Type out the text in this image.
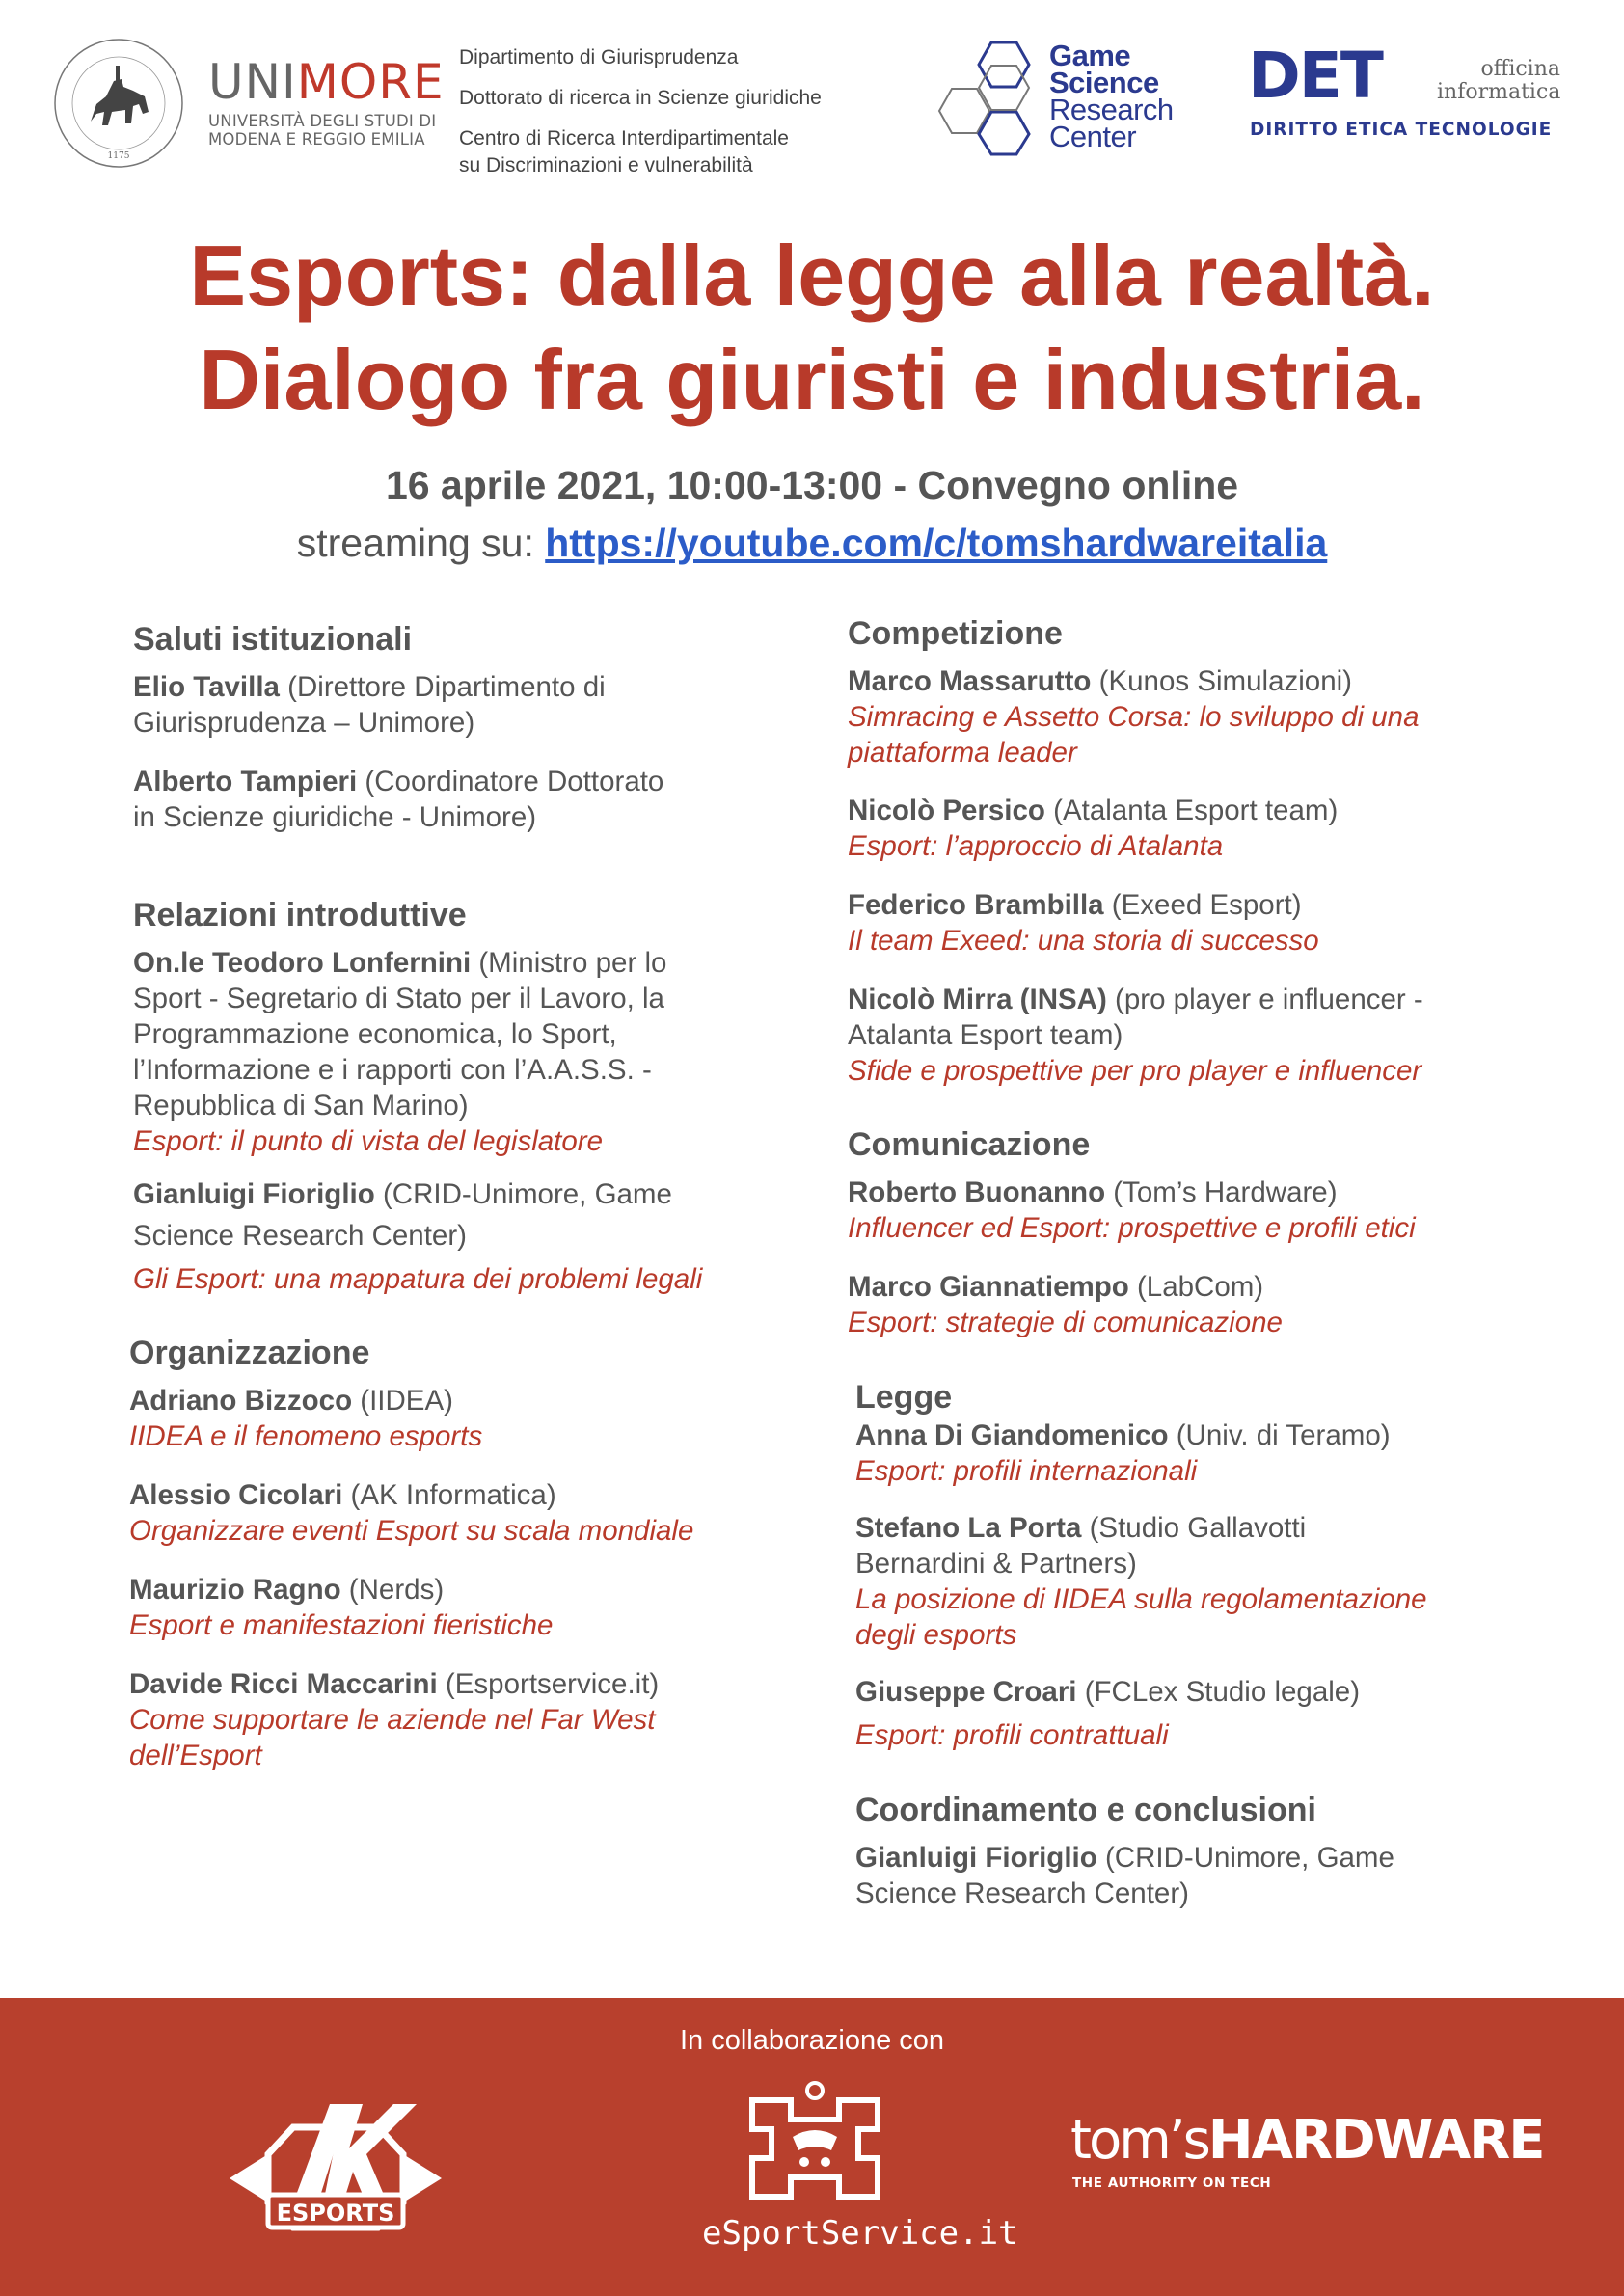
1175
UNIMORE
UNIVERSITÀ DEGLI STUDI DI
MODENA E REGGIO EMILIA
Dipartimento di Giurisprudenza
Dottorato di ricerca in Scienze giuridiche
Centro di Ricerca Interdipartimentale
su Discriminazioni e vulnerabilità
Game
Science
Research
Center
DET	officina
informatica
DIRITTO ETICA TECNOLOGIE
Esports: dalla legge alla realtà.
Dialogo fra giuristi e industria.
16 aprile 2021, 10:00-13:00 - Convegno online
streaming su: https://youtube.com/c/tomshardwareitalia
Saluti istituzionali
Elio Tavilla (Direttore Dipartimento di
Giurisprudenza – Unimore)
Alberto Tampieri (Coordinatore Dottorato
in Scienze giuridiche - Unimore)
Relazioni introduttive
On.le Teodoro Lonfernini (Ministro per lo
Sport - Segretario di Stato per il Lavoro, la
Programmazione economica, lo Sport,
l’Informazione e i rapporti con l’A.A.S.S. -
Repubblica di San Marino)
Esport: il punto di vista del legislatore
Gianluigi Fioriglio (CRID-Unimore, Game
Science Research Center)
Gli Esport: una mappatura dei problemi legali
Organizzazione
Adriano Bizzoco (IIDEA)
IIDEA e il fenomeno esports
Alessio Cicolari (AK Informatica)
Organizzare eventi Esport su scala mondiale
Maurizio Ragno (Nerds)
Esport e manifestazioni fieristiche
Davide Ricci Maccarini (Esportservice.it)
Come supportare le aziende nel Far West
dell’Esport
Competizione
Marco Massarutto (Kunos Simulazioni)
Simracing e Assetto Corsa: lo sviluppo di una
piattaforma leader
Nicolò Persico (Atalanta Esport team)
Esport: l’approccio di Atalanta
Federico Brambilla (Exeed Esport)
Il team Exeed: una storia di successo
Nicolò Mirra (INSA) (pro player e influencer -
Atalanta Esport team)
Sfide e prospettive per pro player e influencer
Comunicazione
Roberto Buonanno (Tom’s Hardware)
Influencer ed Esport: prospettive e profili etici
Marco Giannatiempo (LabCom)
Esport: strategie di comunicazione
Legge
Anna Di Giandomenico (Univ. di Teramo)
Esport: profili internazionali
Stefano La Porta (Studio Gallavotti
Bernardini & Partners)
La posizione di IIDEA sulla regolamentazione
degli esports
Giuseppe Croari (FCLex Studio legale)
Esport: profili contrattuali
Coordinamento e conclusioni
Gianluigi Fioriglio (CRID-Unimore, Game
Science Research Center)
In collaborazione con
ESPORTS
eSportService.it
tom’sHARDWARE
THE AUTHORITY ON TECH
